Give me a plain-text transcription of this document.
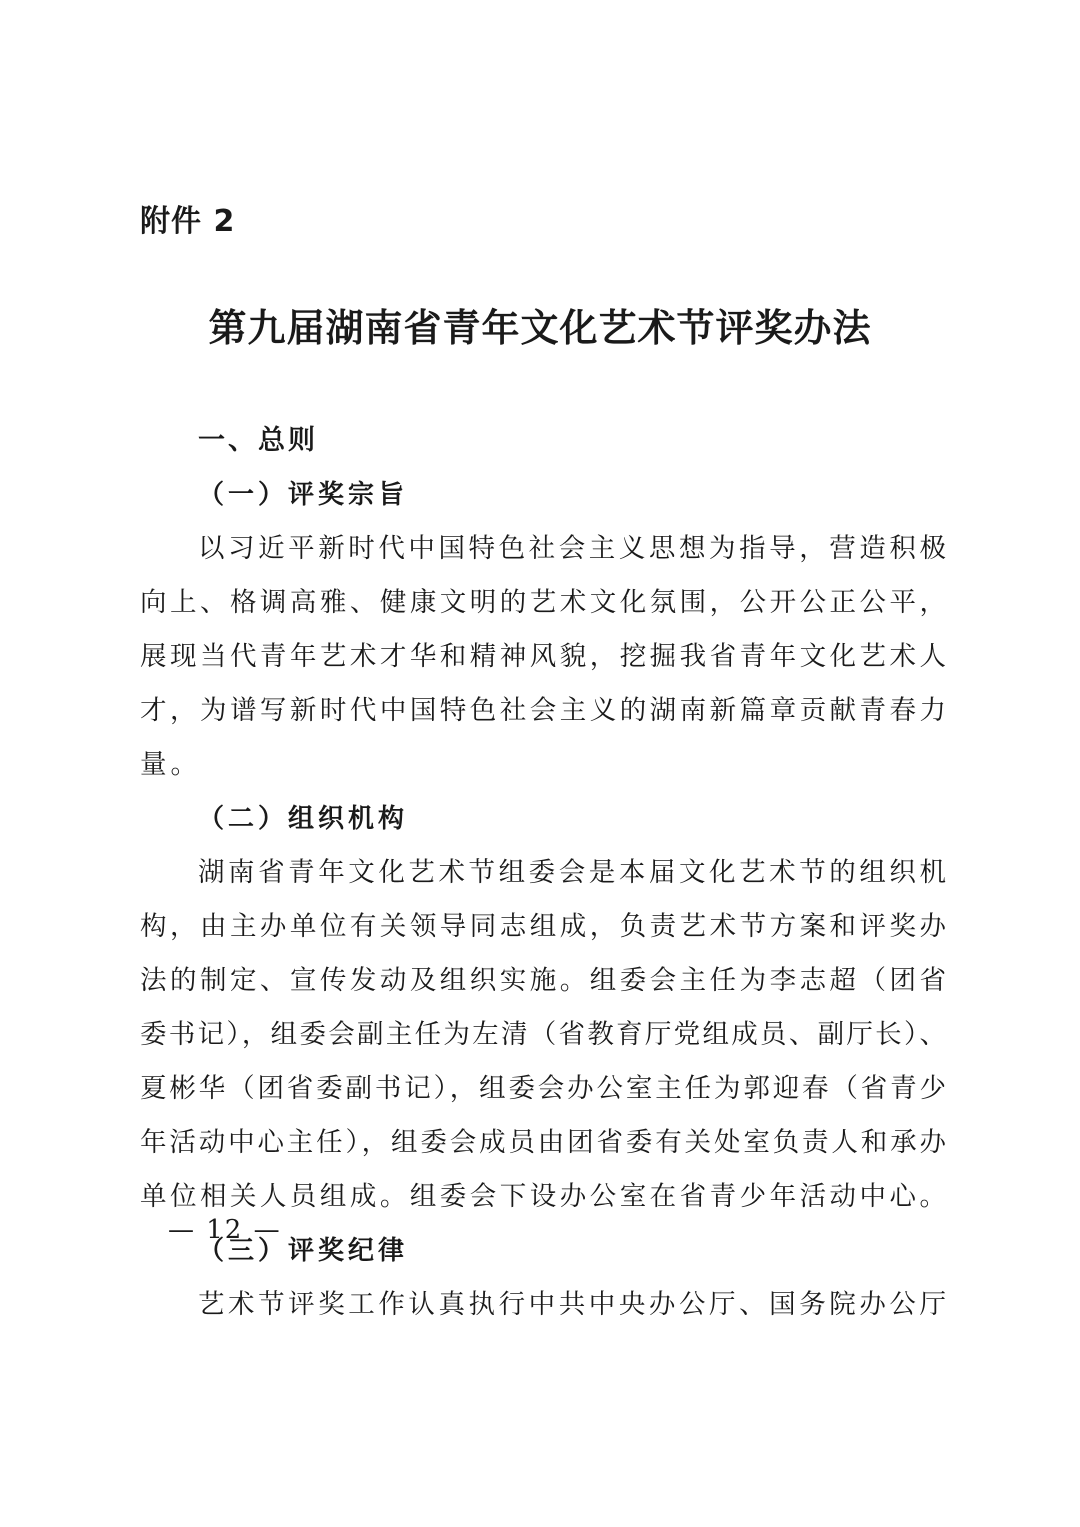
附件 2
第九届湖南省青年文化艺术节评奖办法
一、总则
（一）评奖宗旨
以习近平新时代中国特色社会主义思想为指导，营造积极
向上、格调高雅、健康文明的艺术文化氛围，公开公正公平，
展现当代青年艺术才华和精神风貌，挖掘我省青年文化艺术人
才，为谱写新时代中国特色社会主义的湖南新篇章贡献青春力
量。
（二）组织机构
湖南省青年文化艺术节组委会是本届文化艺术节的组织机
构，由主办单位有关领导同志组成，负责艺术节方案和评奖办
法的制定、宣传发动及组织实施。组委会主任为李志超（团省
委书记），组委会副主任为左清（省教育厅党组成员、副厅长）、
夏彬华（团省委副书记），组委会办公室主任为郭迎春（省青少
年活动中心主任），组委会成员由团省委有关处室负责人和承办
单位相关人员组成。组委会下设办公室在省青少年活动中心。
（三）评奖纪律
艺术节评奖工作认真执行中共中央办公厅、国务院办公厅
— 12 —
